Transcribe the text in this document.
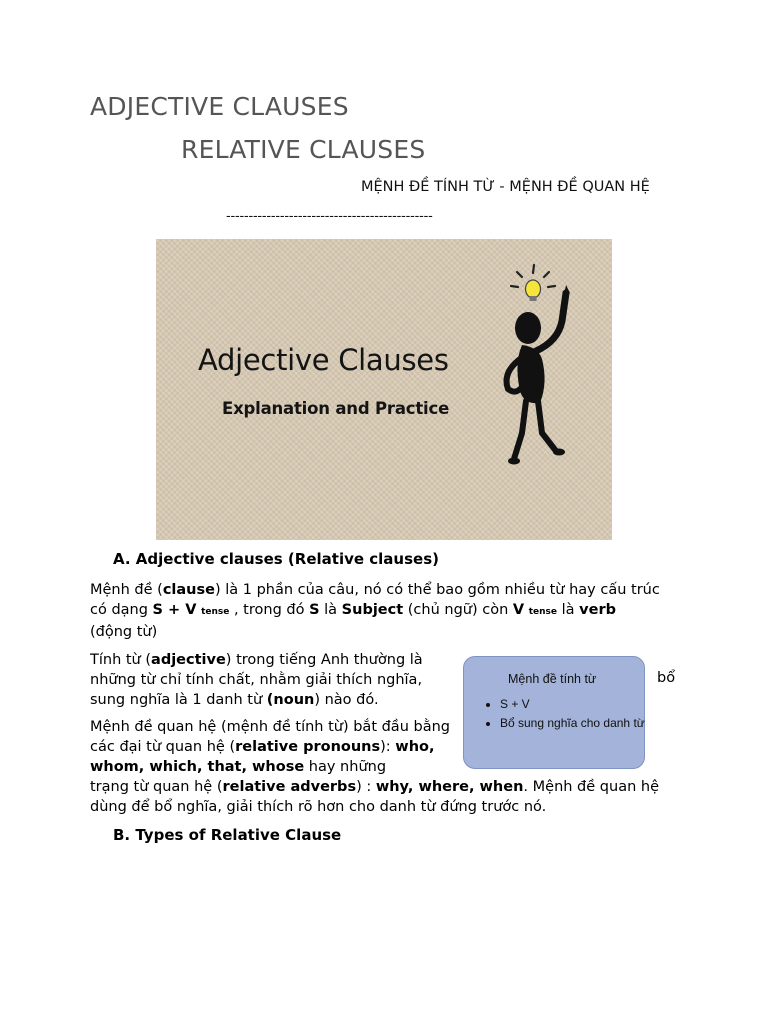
ADJECTIVE CLAUSES
RELATIVE CLAUSES
MỆNH ĐỀ TÍNH TỪ - MỆNH ĐỀ QUAN HỆ
----------------------------------------------
Adjective Clauses
Explanation and Practice
A. Adjective clauses (Relative clauses)
Mệnh đề (clause) là 1 phần của câu, nó có thể bao gồm nhiều từ hay cấu trúc có dạng S + V tense , trong đó S là Subject (chủ ngữ) còn V tense là verb
(động từ)
Tính từ (adjective) trong tiếng Anh thường là những từ chỉ tính chất, nhằm giải thích nghĩa, sung nghĩa là 1 danh từ (noun) nào đó.
bổ
Mệnh đề quan hệ (mệnh đề tính từ) bắt đầu bằng các đại từ quan hệ (relative pronouns): who, whom, which, that, whose hay những
trạng từ quan hệ (relative adverbs) : why, where, when. Mệnh đề quan hệ dùng để bổ nghĩa, giải thích rõ hơn cho danh từ đứng trước nó.
Mệnh đề tính từ
• S + V
• Bổ sung nghĩa cho danh từ
B. Types of Relative Clause
